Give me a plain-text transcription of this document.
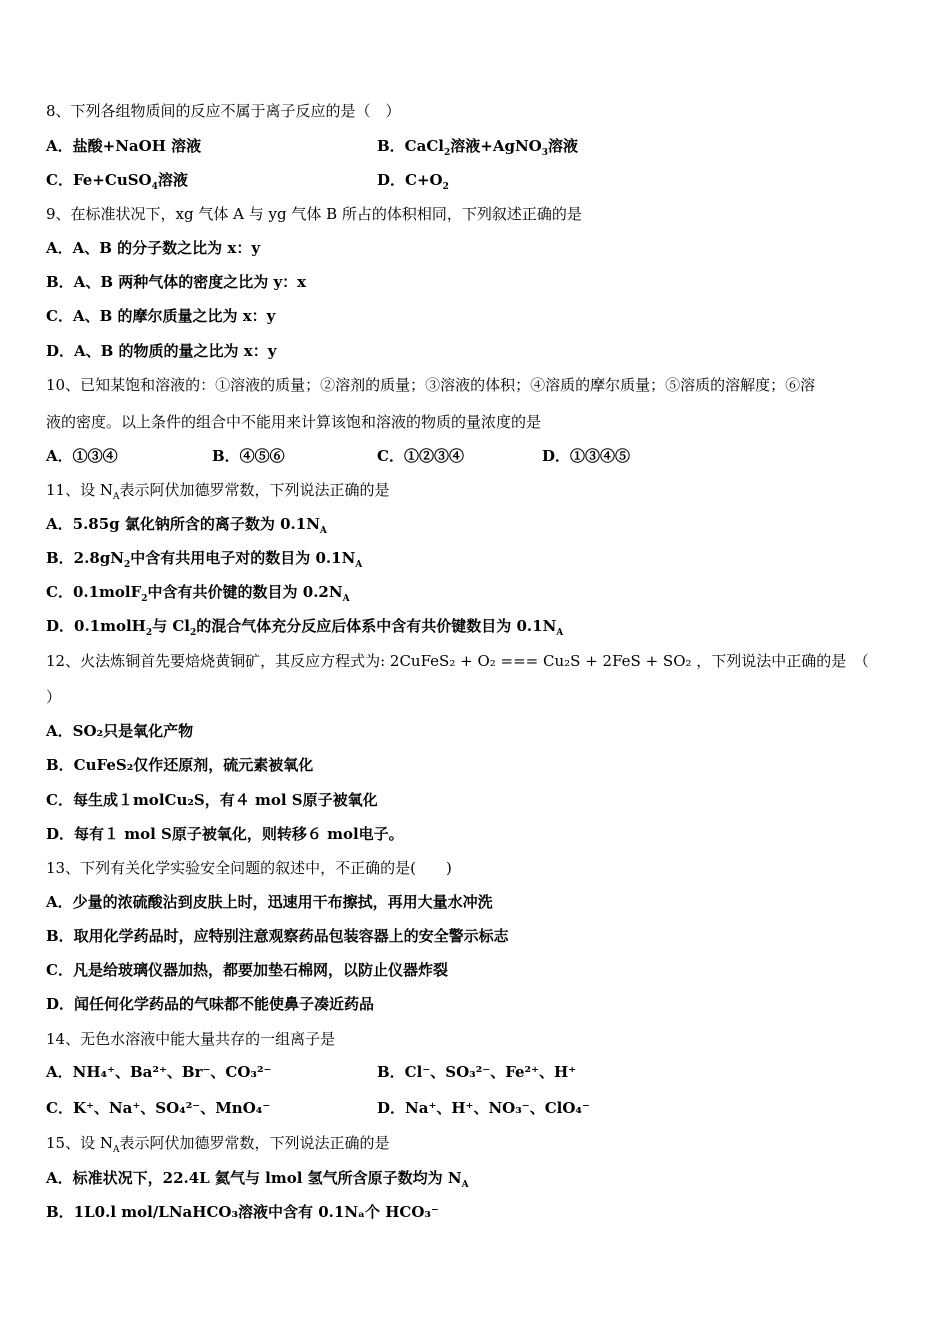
8、下列各组物质间的反应不属于离子反应的是（　）
A．盐酸+NaOH 溶液	B．CaCl$_2$溶液+AgNO$_3$溶液
C．Fe+CuSO$_4$溶液	D．$C+O_2$
9、在标准状况下，xg 气体 A 与 yg 气体 B 所占的体积相同，下列叙述正确的是
A．A、B 的分子数之比为 x：y
B．A、B 两种气体的密度之比为 y：x
C．A、B 的摩尔质量之比为 x：y
D．A、B 的物质的量之比为 x：y
10、已知某饱和溶液的：①溶液的质量；②溶剂的质量；③溶液的体积；④溶质的摩尔质量；⑤溶质的溶解度；⑥溶
液的密度。以上条件的组合中不能用来计算该饱和溶液的物质的量浓度的是
A．①③④	B．④⑤⑥	C．①②③④	D．①③④⑤
11、设 $N_A$表示阿伏加德罗常数，下列说法正确的是
A．5.85g 氯化钠所含的离子数为 $0.1N_A$
B．$2.8gN_2$中含有共用电子对的数目为 $0.1N_A$
C．0.1molF$_2$中含有共价键的数目为 $0.2N_A$
D．0.1molH$_2$与 $Cl_2$的混合气体充分反应后体系中含有共价键数目为 $0.1N_A$
12、火法炼铜首先要焙烧黄铜矿，其反应方程式为: 2CuFeS₂ + O₂ === Cu₂S + 2FeS + SO₂ ，下列说法中正确的是　（
）
A．SO₂只是氧化产物
B．CuFeS₂仅作还原剂，硫元素被氧化
C．每生成１molCu₂S，有４ mol S原子被氧化
D．每有１ mol S原子被氧化，则转移６ mol电子。
13、下列有关化学实验安全问题的叙述中，不正确的是(　　)
A．少量的浓硫酸沾到皮肤上时，迅速用干布擦拭，再用大量水冲洗
B．取用化学药品时，应特别注意观察药品包装容器上的安全警示标志
C．凡是给玻璃仪器加热，都要加垫石棉网，以防止仪器炸裂
D．闻任何化学药品的气味都不能使鼻子凑近药品
14、无色水溶液中能大量共存的一组离子是
A．NH₄⁺、Ba²⁺、Br⁻、CO₃²⁻	B．Cl⁻、SO₃²⁻、Fe²⁺、H⁺
C．K⁺、Na⁺、SO₄²⁻、MnO₄⁻	D．Na⁺、H⁺、NO₃⁻、ClO₄⁻
15、设 $N_A$表示阿伏加德罗常数，下列说法正确的是
A．标准状况下，22.4L 氦气与 lmol 氢气所含原子数均为 $N_A$
B．1L0.l mol/LNaHCO₃溶液中含有 0.1Nₐ个 HCO₃⁻
